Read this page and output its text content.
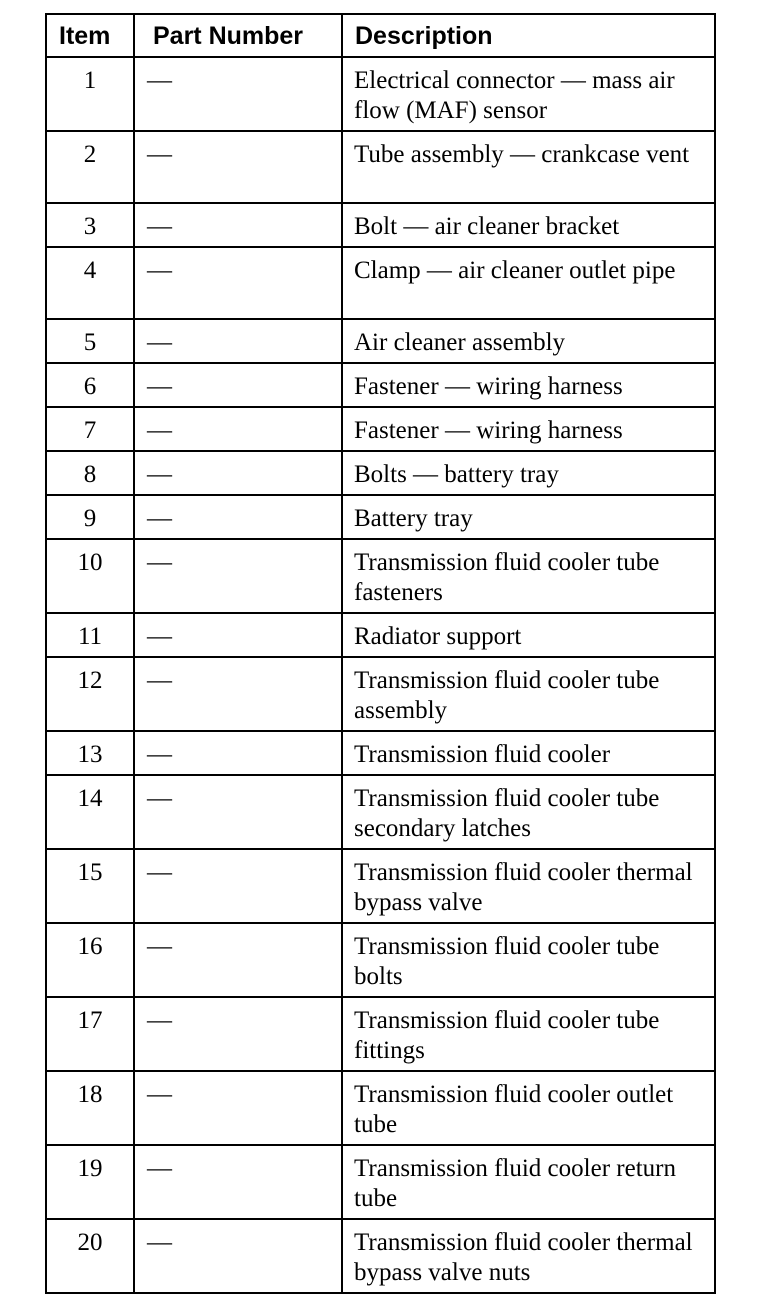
Item	Part Number	Description
1	—	Electrical connector — mass air flow (MAF) sensor
2	—	Tube assembly — crankcase vent
3	—	Bolt — air cleaner bracket
4	—	Clamp — air cleaner outlet pipe
5	—	Air cleaner assembly
6	—	Fastener — wiring harness
7	—	Fastener — wiring harness
8	—	Bolts — battery tray
9	—	Battery tray
10	—	Transmission fluid cooler tube fasteners
11	—	Radiator support
12	—	Transmission fluid cooler tube assembly
13	—	Transmission fluid cooler
14	—	Transmission fluid cooler tube secondary latches
15	—	Transmission fluid cooler thermal bypass valve
16	—	Transmission fluid cooler tube bolts
17	—	Transmission fluid cooler tube fittings
18	—	Transmission fluid cooler outlet tube
19	—	Transmission fluid cooler return tube
20	—	Transmission fluid cooler thermal bypass valve nuts
